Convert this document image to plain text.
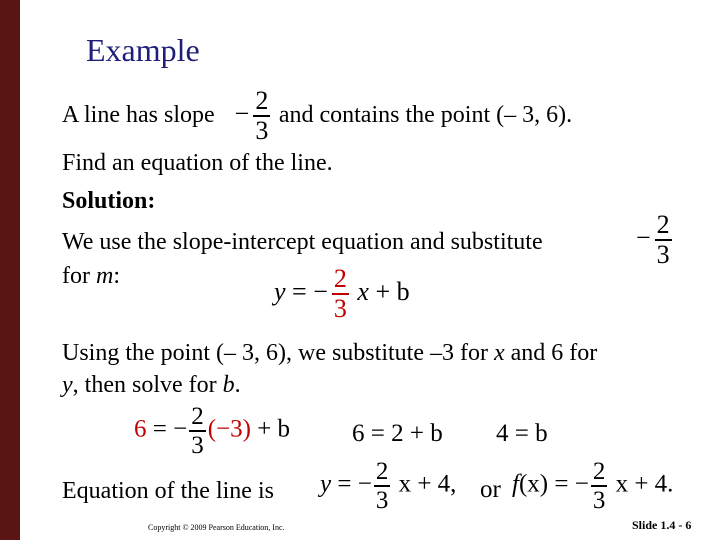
Example
A line has slope − $\frac{2}{3}$ and contains the point (– 3, 6).
Find an equation of the line.
Solution:
We use the slope-intercept equation and substitute	− $\frac{2}{3}$
for m:
y = − $\frac{2}{3}$ x + b
Using the point (– 3, 6), we substitute –3 for x and 6 for
y, then solve for b.
6 = − $\frac{2}{3} (-3) + b$ 6 = 2 + b 4 = b
Equation of the line is y = − $\frac{2}{3}$ x + 4, or f(x) = − $\frac{2}{3}$ x + 4.
Copyright © 2009 Pearson Education, Inc.	Slide 1.4 - 6
